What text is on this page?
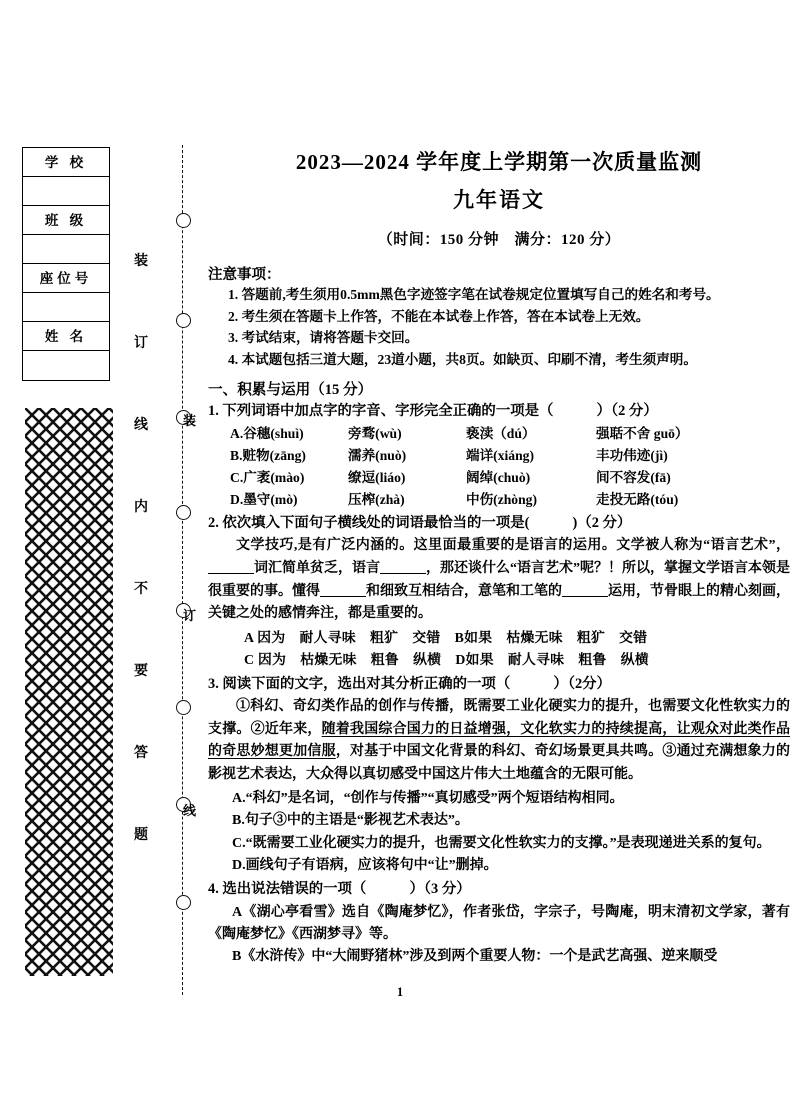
学 校
班 级
座位号
姓 名
装
订
线
内
不
要
答
题
装
订
线
2023—2024 学年度上学期第一次质量监测
九年语文
（时间：150 分钟　满分：120 分）
注意事项：
1. 答题前,考生须用0.5mm黑色字迹签字笔在试卷规定位置填写自己的姓名和考号。
2. 考生须在答题卡上作答，不能在本试卷上作答，答在本试卷上无效。
3. 考试结束，请将答题卡交回。
4. 本试题包括三道大题，23道小题，共8页。如缺页、印刷不清，考生须声明。
一、积累与运用（15 分）
1. 下列词语中加点字的字音、字形完全正确的一项是（　　　）（2 分）
A.谷穗(shuì)	旁骛(wù)	亵渎（dú）	强聒不舍 guō）
B.赃物(zāng)	濡养(nuò)	端详(xiáng)	丰功伟迹(jì)
C.广袤(mào)	缭逗(liáo)	阔绰(chuò)	间不容发(fā)
D.墨守(mò)	压榨(zhà)	中伤(zhòng)	走投无路(tóu)
2. 依次填入下面句子横线处的词语最恰当的一项是(　　　)（2 分）
文学技巧,是有广泛内涵的。这里面最重要的是语言的运用。文学被人称为“语言艺术”，词汇简单贫乏，语言	，那还谈什么“语言艺术”呢？！所以，掌握文学语言本领是很重要的事。懂得	和细致互相结合，意笔和工笔的	运用，节骨眼上的精心刻画，关键之处的感情奔注，都是重要的。
A 因为　耐人寻味　粗犷　交错　B如果　枯燥无味　粗犷　交错
C 因为　枯燥无味　粗鲁　纵横　D如果　耐人寻味　粗鲁　纵横
3. 阅读下面的文字，选出对其分析正确的一项（　　　）（2分）
①科幻、奇幻类作品的创作与传播，既需要工业化硬实力的提升，也需要文化性软实力的支撑。②近年来，随着我国综合国力的日益增强，文化软实力的持续提高，让观众对此类作品的奇思妙想更加信服，对基于中国文化背景的科幻、奇幻场景更具共鸣。③通过充满想象力的影视艺术表达，大众得以真切感受中国这片伟大土地蕴含的无限可能。
A.“科幻”是名词，“创作与传播”“真切感受”两个短语结构相同。
B.句子③中的主语是“影视艺术表达”。
C.“既需要工业化硬实力的提升，也需要文化性软实力的支撑。”是表现递进关系的复句。
D.画线句子有语病，应该将句中“让”删掉。
4. 选出说法错误的一项（　　　）（3 分）
A《湖心亭看雪》选自《陶庵梦忆》，作者张岱，字宗子，号陶庵，明末清初文学家，著有《陶庵梦忆》《西湖梦寻》等。
B《水浒传》中“大闹野猪林”涉及到两个重要人物：一个是武艺高强、逆来顺受
1
